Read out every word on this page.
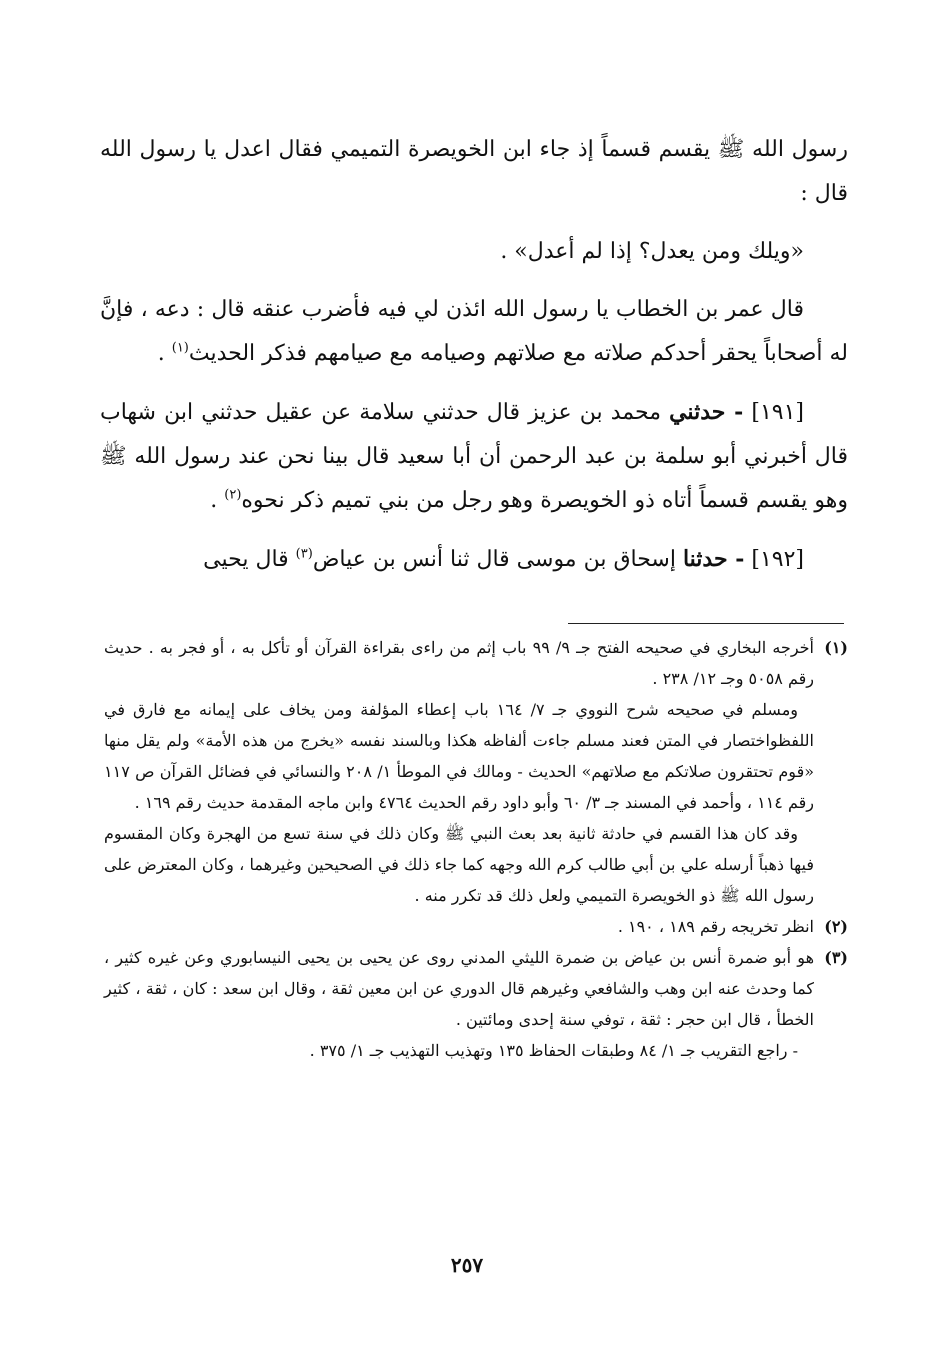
رسول الله ﷺ يقسم قسماً إذ جاء ابن الخويصرة التميمي فقال اعدل يا رسول الله قال :

«ويلك ومن يعدل؟ إذا لم أعدل» .

قال عمر بن الخطاب يا رسول الله ائذن لي فيه فأضرب عنقه قال : دعه ، فإنَّ له أصحاباً يحقر أحدكم صلاته مع صلاتهم وصيامه مع صيامهم فذكر الحديث$^{(١)}$ .

[١٩١] - حدثني محمد بن عزيز قال حدثني سلامة عن عقيل حدثني ابن شهاب قال أخبرني أبو سلمة بن عبد الرحمن أن أبا سعيد قال بينا نحن عند رسول الله ﷺ وهو يقسم قسماً أتاه ذو الخويصرة وهو رجل من بني تميم ذكر نحوه$^{(٢)}$ .

[١٩٢] - حدثنا إسحاق بن موسى قال ثنا أنس بن عياض$^{(٣)}$ قال يحيى

(١)

أخرجه البخاري في صحيحه الفتح جـ ٩/ ٩٩ باب إثم من راءى بقراءة القرآن أو تأكل به ، أو فجر به . حديث رقم ٥٠٥٨ وجـ ١٢/ ٢٣٨ .

ومسلم في صحيحه شرح النووي جـ ٧/ ١٦٤ باب إعطاء المؤلفة ومن يخاف على إيمانه مع فارق في اللفظواختصار في المتن فعند مسلم جاءت ألفاظه هكذا وبالسند نفسه «يخرج من هذه الأمة» ولم يقل منها «قوم تحتقرون صلاتكم مع صلاتهم» الحديث - ومالك في الموطأ ١/ ٢٠٨ والنسائي في فضائل القرآن ص ١١٧ رقم ١١٤ ، وأحمد في المسند جـ ٣/ ٦٠ وأبو داود رقم الحديث ٤٧٦٤ وابن ماجه المقدمة حديث رقم ١٦٩ .

وقد كان هذا القسم في حادثة ثانية بعد بعث النبي ﷺ وكان ذلك في سنة تسع من الهجرة وكان المقسوم فيها ذهباً أرسله علي بن أبي طالب كرم الله وجهه كما جاء ذلك في الصحيحين وغيرهما ، وكان المعترض على رسول الله ﷺ ذو الخويصرة التميمي ولعل ذلك قد تكرر منه .

(٢)

انظر تخريجه رقم ١٨٩ ، ١٩٠ .

(٣)

هو أبو ضمرة أنس بن عياض بن ضمرة الليثي المدني روى عن يحيى بن يحيى النيسابوري وعن غيره كثير ، كما وحدث عنه ابن وهب والشافعي وغيرهم قال الدوري عن ابن معين ثقة ، وقال ابن سعد : كان ، ثقة ، كثير الخطأ ، قال ابن حجر : ثقة ، توفي سنة إحدى ومائتين .

- راجع التقريب جـ ١/ ٨٤ وطبقات الحفاظ ١٣٥ وتهذيب التهذيب جـ ١/ ٣٧٥ .

٢٥٧
